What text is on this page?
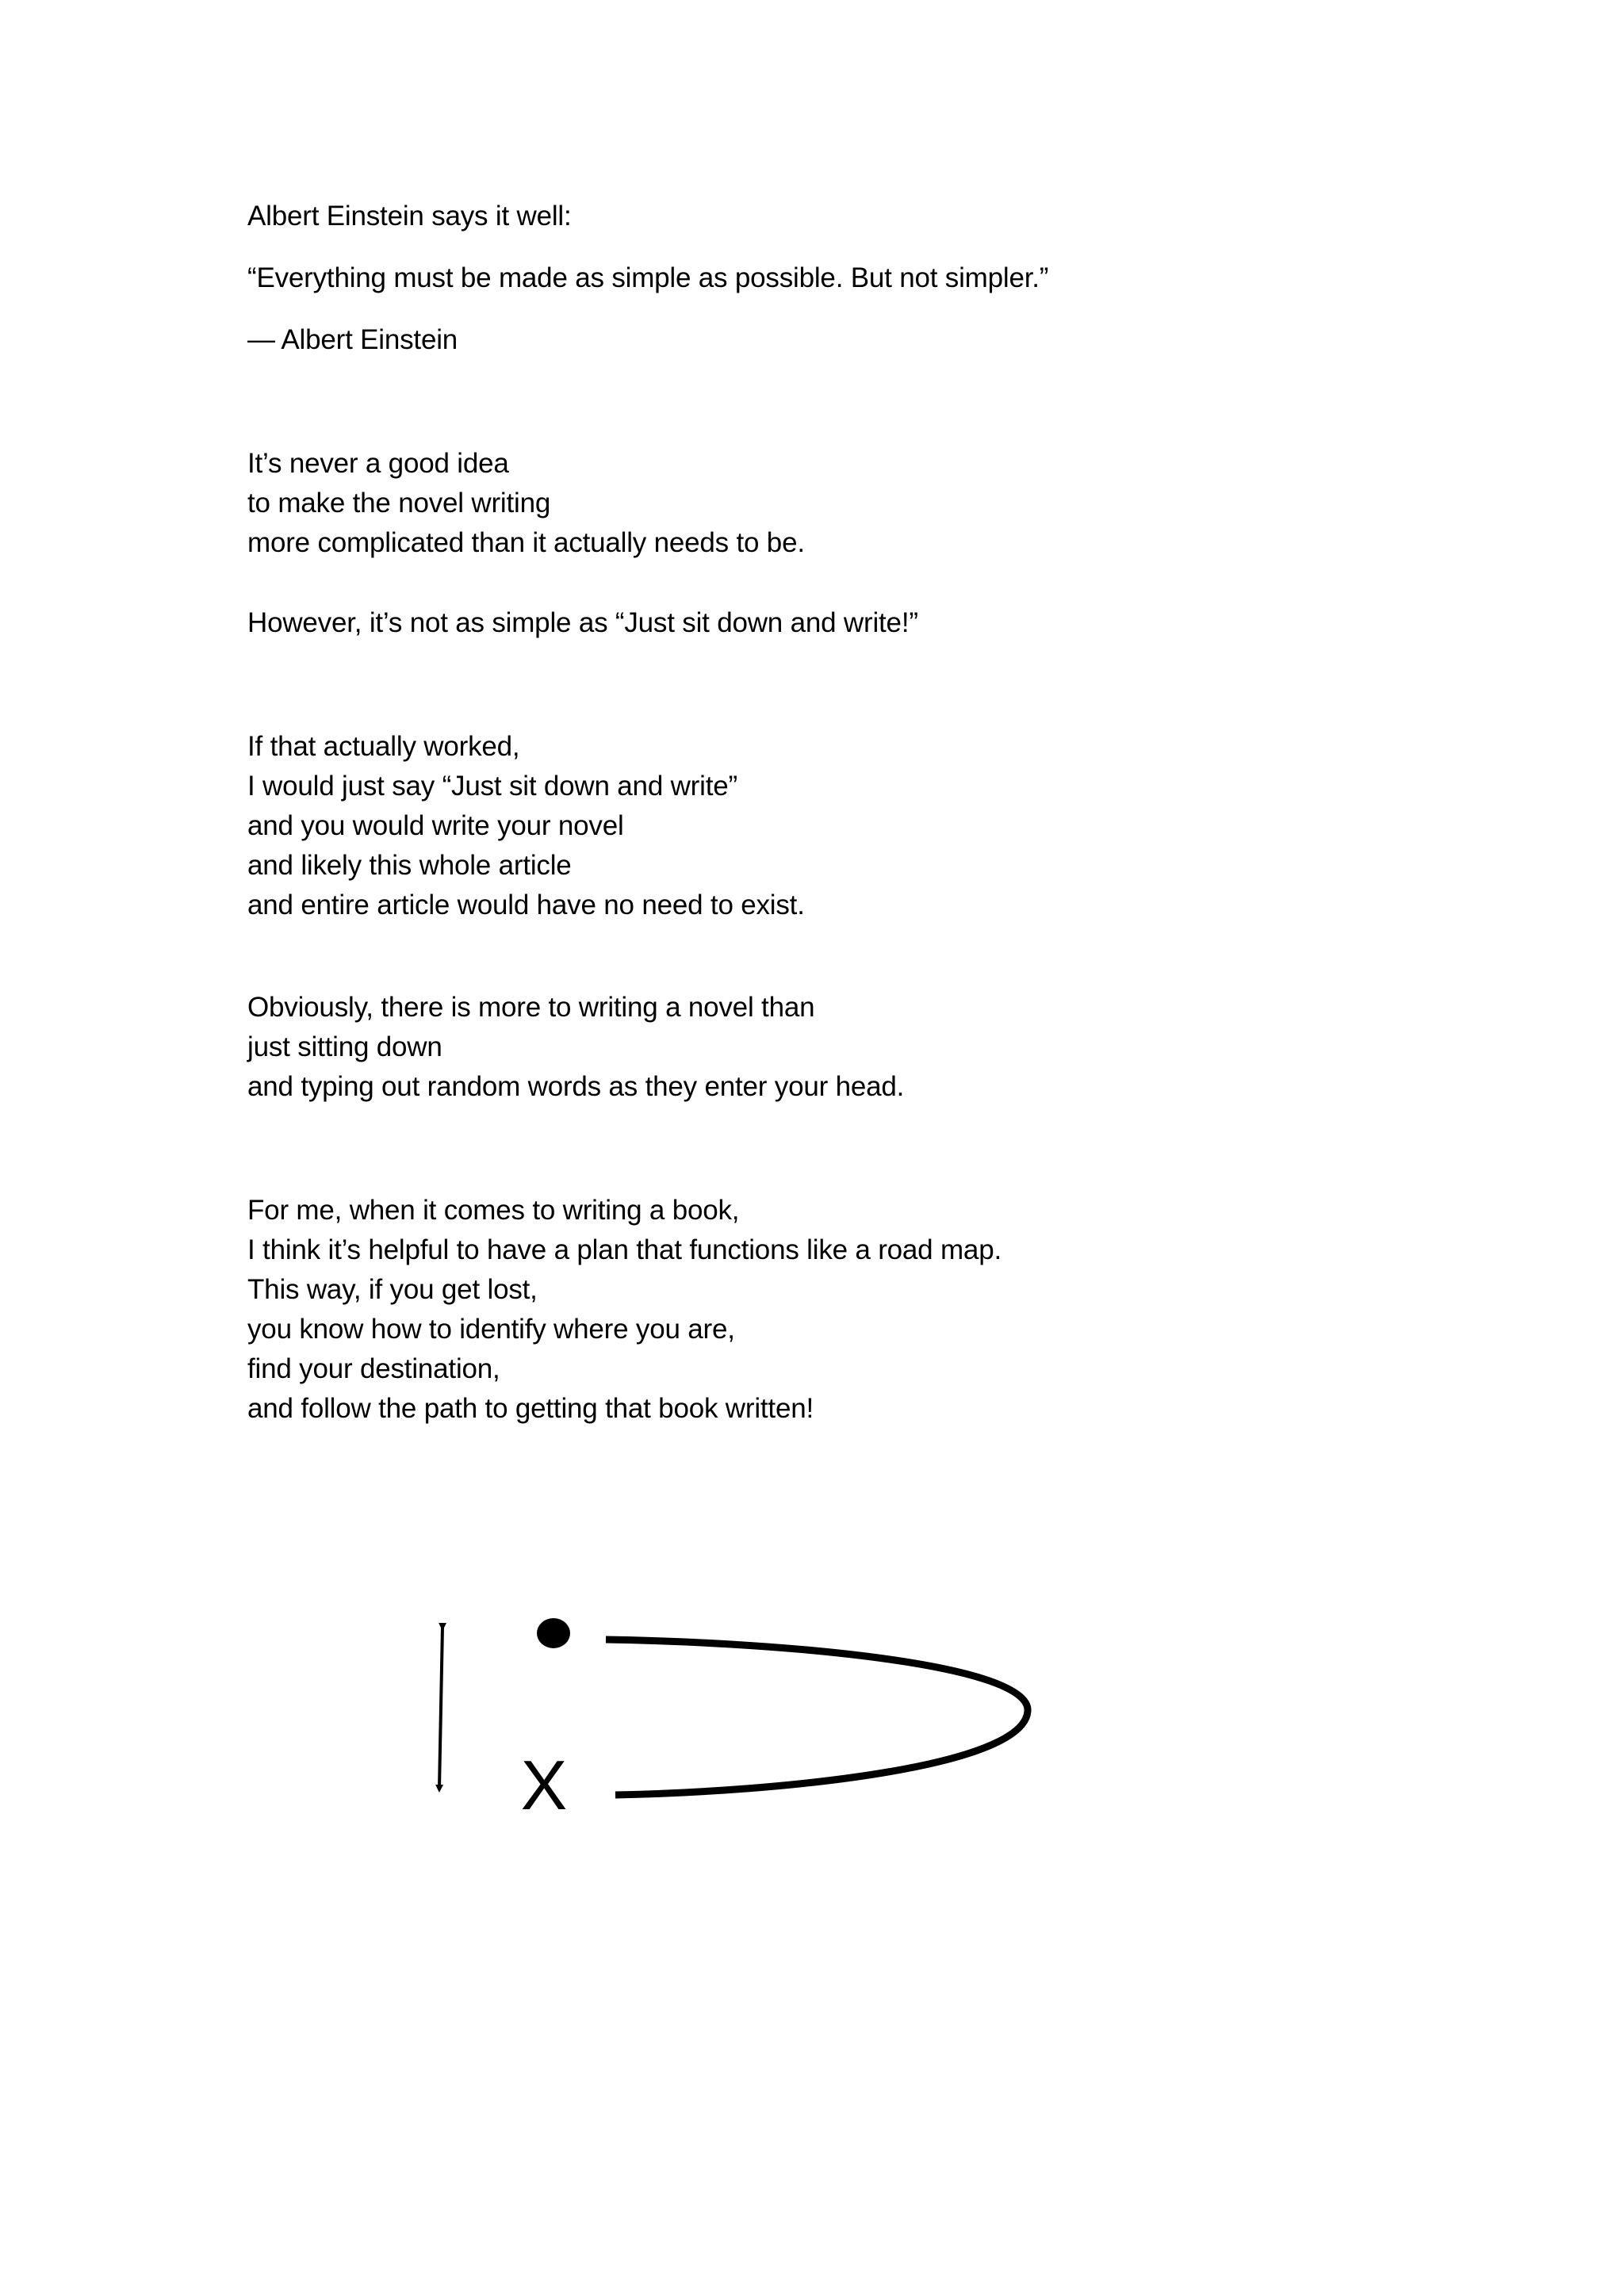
Albert Einstein says it well:
“Everything must be made as simple as possible. But not simpler.”
— Albert Einstein
It’s never a good idea
to make the novel writing
more complicated than it actually needs to be.
However, it’s not as simple as “Just sit down and write!”
If that actually worked,
I would just say “Just sit down and write”
and you would write your novel
and likely this whole article
and entire article would have no need to exist.
Obviously, there is more to writing a novel than
just sitting down
and typing out random words as they enter your head.
For me, when it comes to writing a book,
I think it’s helpful to have a plan that functions like a road map.
This way, if you get lost,
you know how to identify where you are,
find your destination,
and follow the path to getting that book written!
X
